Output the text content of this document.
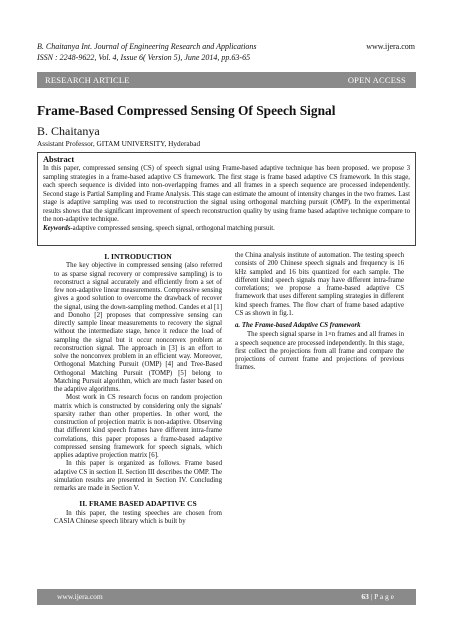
B. Chaitanya Int. Journal of Engineering Research and Applications
ISSN : 2248-9622, Vol. 4, Issue 6( Version 5), June 2014, pp.63-65
www.ijera.com
RESEARCH ARTICLE	OPEN ACCESS
Frame-Based Compressed Sensing Of Speech Signal
B. Chaitanya
Assistant Professor, GITAM UNIVERSITY, Hyderabad
Abstract
In this paper, compressed sensing (CS) of speech signal using Frame-based adaptive technique has been proposed. we propose 3 sampling strategies in a frame-based adaptive CS framework. The first stage is frame based adaptive CS framework. In this stage, each speech sequence is divided into non-overlapping frames and all frames in a speech sequence are processed independently. Second stage is Partial Sampling and Frame Analysis. This stage can estimate the amount of intensity changes in the two frames. Last stage is adaptive sampling was used to reconstruction the signal using orthogonal matching pursuit (OMP). In the experimental results shows that the significant improvement of speech reconstruction quality by using frame based adaptive technique compare to the non-adaptive technique.
Keywords-adaptive compressed sensing, speech signal, orthogonal matching pursuit.
I. INTRODUCTION

The key objective in compressed sensing (also referred to as sparse signal recovery or compressive sampling) is to reconstruct a signal accurately and efficiently from a set of few non-adaptive linear measurements. Compressive sensing gives a good solution to overcome the drawback of recover the signal, using the down-sampling method. Candes et al [1] and Donoho [2] proposes that compressive sensing can directly sample linear measurements to recovery the signal without the intermediate stage, hence it reduce the load of sampling the signal but it occur nonconvex problem at reconstruction signal. The approach in [3] is an effort to solve the nonconvex problem in an efficient way. Moreover, Orthogonal Matching Pursuit (OMP) [4] and Tree-Based Orthogonal Matching Pursuit (TOMP) [5] belong to Matching Pursuit algorithm, which are much faster based on the adaptive algorithms.

Most work in CS research focus on random projection matrix which is constructed by considering only the signals' sparsity rather than other properties. In other word, the construction of projection matrix is non-adaptive. Observing that different kind speech frames have different intra-frame correlations, this paper proposes a frame-based adaptive compressed sensing framework for speech signals, which applies adaptive projection matrix [6].

In this paper is organized as follows. Frame based adaptive CS in section II. Section III describes the OMP. The simulation results are presented in Section IV. Concluding remarks are made in Section V.

II. FRAME BASED ADAPTIVE CS

In this paper, the testing speeches are chosen from CASIA Chinese speech library which is built by

the China analysis institute of automation. The testing speech consists of 200 Chinese speech signals and frequency is 16 kHz sampled and 16 bits quantized for each sample. The different kind speech signals may have different intra-frame correlations; we propose a frame-based adaptive CS framework that uses different sampling strategies in different kind speech frames. The flow chart of frame based adaptive CS as shown in fig.1.

a. The Frame-based Adaptive CS framework

The speech signal sparse in 1×n frames and all frames in a speech sequence are processed independently. In this stage, first collect the projections from all frame and compare the projections of current frame and projections of previous frames.

www.ijera.com	63 | P a g e
